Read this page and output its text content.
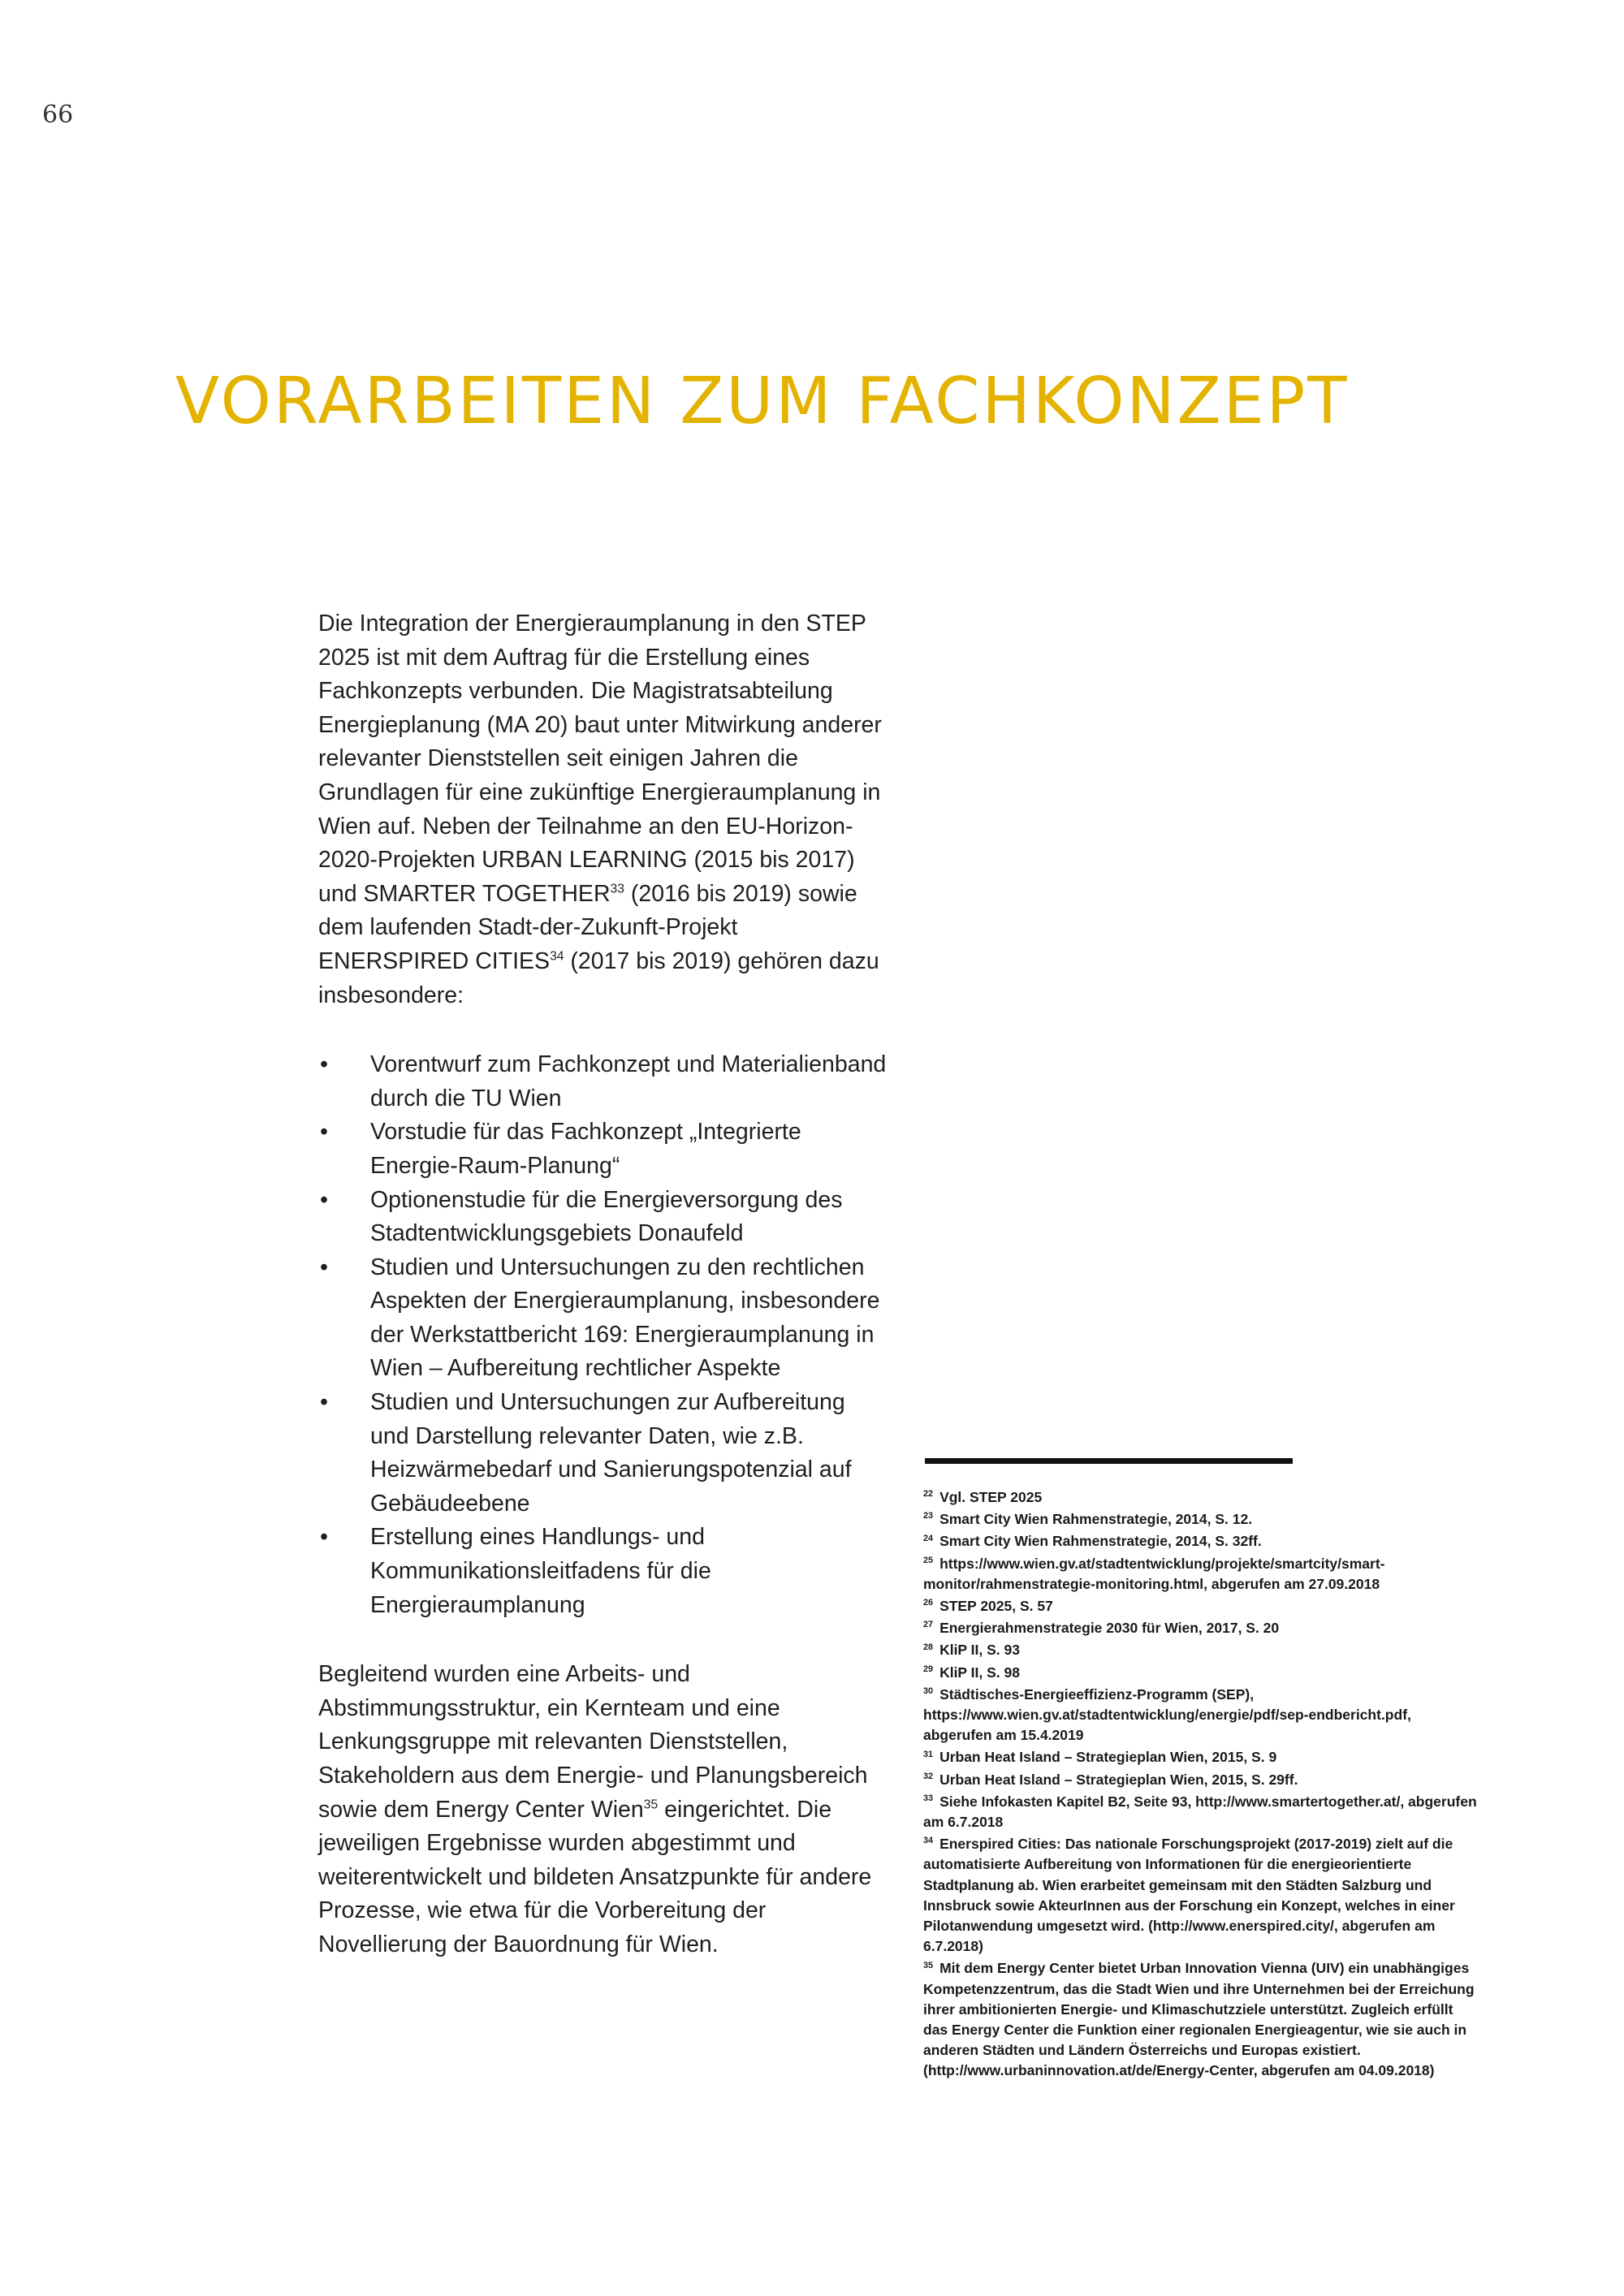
66
VORARBEITEN ZUM FACHKONZEPT

Die Integration der Energieraumplanung in den STEP 2025 ist mit dem Auftrag für die Erstellung eines Fachkonzepts verbunden. Die Magistratsabteilung Energieplanung (MA 20) baut unter Mitwirkung anderer relevanter Dienststellen seit einigen Jahren die Grundlagen für eine zukünftige Energieraumplanung in Wien auf. Neben der Teilnahme an den EU-Horizon-2020-Projekten URBAN LEARNING (2015 bis 2017) und SMARTER TOGETHER$^{33}$ (2016 bis 2019) sowie dem laufenden Stadt-der-Zukunft-Projekt ENERSPIRED CITIES$^{34}$ (2017 bis 2019) gehören dazu insbesondere:

• Vorentwurf zum Fachkonzept und Materialienband durch die TU Wien
• Vorstudie für das Fachkonzept „Integrierte Energie-Raum-Planung“
• Optionenstudie für die Energieversorgung des Stadtentwicklungsgebiets Donaufeld
• Studien und Untersuchungen zu den rechtlichen Aspekten der Energieraumplanung, insbesondere der Werkstattbericht 169: Energieraumplanung in Wien – Aufbereitung rechtlicher Aspekte
• Studien und Untersuchungen zur Aufbereitung und Darstellung relevanter Daten, wie z.B. Heizwärmebedarf und Sanierungspotenzial auf Gebäudeebene
• Erstellung eines Handlungs- und Kommunikationsleitfadens für die Energieraumplanung

Begleitend wurden eine Arbeits- und Abstimmungsstruktur, ein Kernteam und eine Lenkungsgruppe mit relevanten Dienststellen, Stakeholdern aus dem Energie- und Planungsbereich sowie dem Energy Center Wien$^{35}$ eingerichtet. Die jeweiligen Ergebnisse wurden abgestimmt und weiterentwickelt und bildeten Ansatzpunkte für andere Prozesse, wie etwa für die Vorbereitung der Novellierung der Bauordnung für Wien.

$^{22}$ Vgl. STEP 2025

$^{23}$ Smart City Wien Rahmenstrategie, 2014, S. 12.

$^{24}$ Smart City Wien Rahmenstrategie, 2014, S. 32ff.

$^{25}$ https://www.wien.gv.at/stadtentwicklung/projekte/smartcity/smart-monitor/rahmenstrategie-monitoring.html, abgerufen am 27.09.2018

$^{26}$ STEP 2025, S. 57

$^{27}$ Energierahmenstrategie 2030 für Wien, 2017, S. 20

$^{28}$ KliP II, S. 93

$^{29}$ KliP II, S. 98

$^{30}$ Städtisches-Energieeffizienz-Programm (SEP), https://www.wien.gv.at/stadtentwicklung/energie/pdf/sep-endbericht.pdf, abgerufen am 15.4.2019

$^{31}$ Urban Heat Island – Strategieplan Wien, 2015, S. 9

$^{32}$ Urban Heat Island – Strategieplan Wien, 2015, S. 29ff.

$^{33}$ Siehe Infokasten Kapitel B2, Seite 93, http://www.smartertogether.at/, abgerufen am 6.7.2018

$^{34}$ Enerspired Cities: Das nationale Forschungsprojekt (2017-2019) zielt auf die automatisierte Aufbereitung von Informationen für die energieorientierte Stadtplanung ab. Wien erarbeitet gemeinsam mit den Städten Salzburg und Innsbruck sowie AkteurInnen aus der Forschung ein Konzept, welches in einer Pilotanwendung umgesetzt wird. (http://www.enerspired.city/, abgerufen am 6.7.2018)

$^{35}$ Mit dem Energy Center bietet Urban Innovation Vienna (UIV) ein unabhängiges Kompetenzzentrum, das die Stadt Wien und ihre Unternehmen bei der Erreichung ihrer ambitionierten Energie- und Klimaschutzziele unterstützt. Zugleich erfüllt das Energy Center die Funktion einer regionalen Energieagentur, wie sie auch in anderen Städten und Ländern Österreichs und Europas existiert. (http://www.urbaninnovation.at/de/Energy-Center, abgerufen am 04.09.2018)
